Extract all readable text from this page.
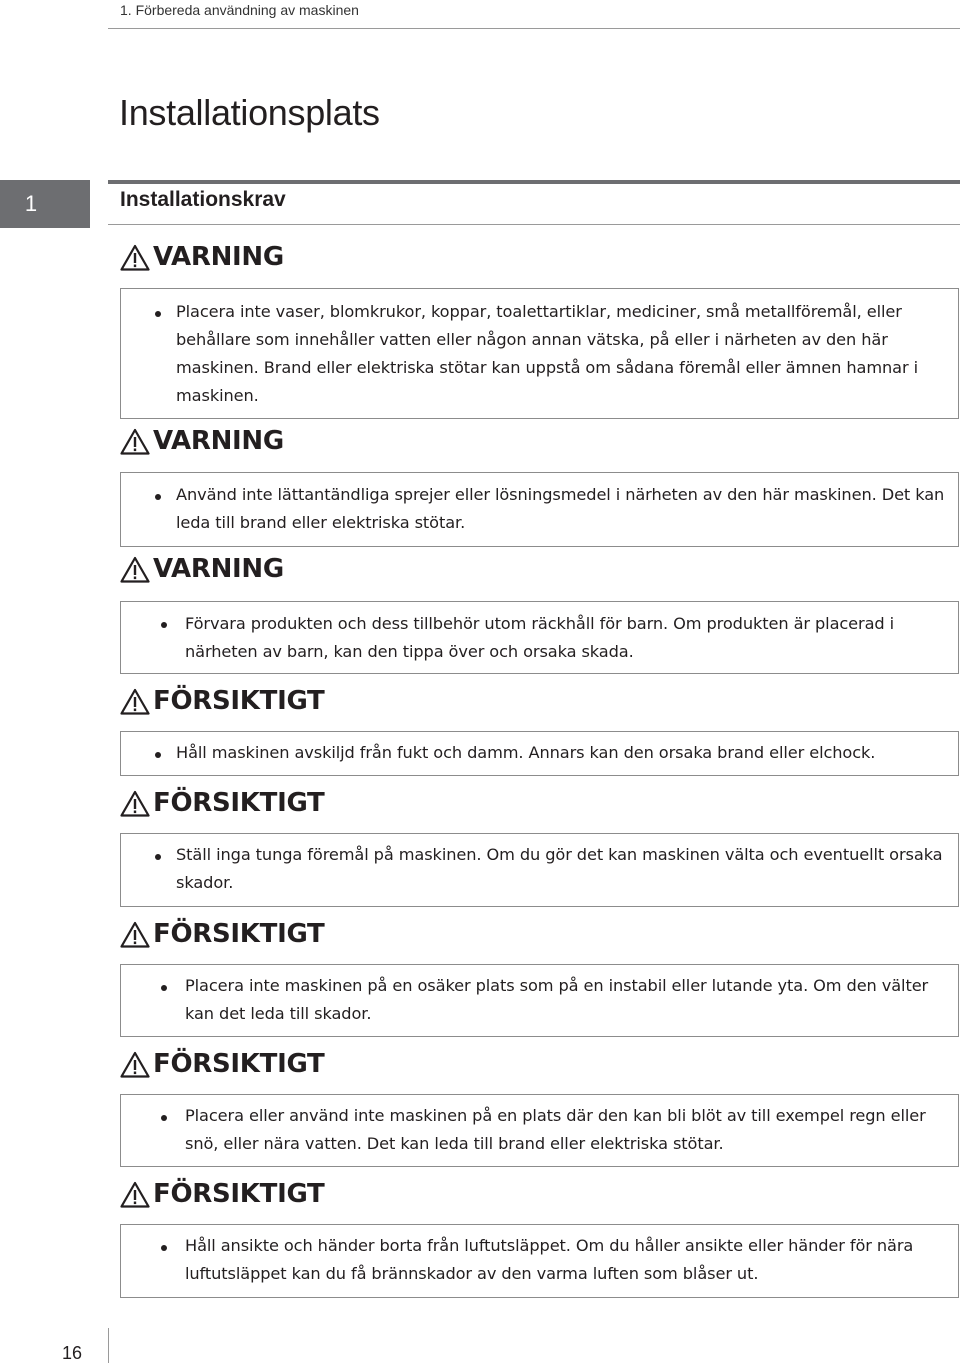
1. Förbereda användning av maskinen
Installationsplats
1	Installationskrav
VARNING
Placera inte vaser, blomkrukor, koppar, toalettartiklar, mediciner, små metallföremål, eller behållare som innehåller vatten eller någon annan vätska, på eller i närheten av den här maskinen. Brand eller elektriska stötar kan uppstå om sådana föremål eller ämnen hamnar i maskinen.
VARNING
Använd inte lättantändliga sprejer eller lösningsmedel i närheten av den här maskinen. Det kan leda till brand eller elektriska stötar.
VARNING
Förvara produkten och dess tillbehör utom räckhåll för barn. Om produkten är placerad i närheten av barn, kan den tippa över och orsaka skada.
FÖRSIKTIGT
Håll maskinen avskiljd från fukt och damm. Annars kan den orsaka brand eller elchock.
FÖRSIKTIGT
Ställ inga tunga föremål på maskinen. Om du gör det kan maskinen välta och eventuellt orsaka skador.
FÖRSIKTIGT
Placera inte maskinen på en osäker plats som på en instabil eller lutande yta. Om den välter kan det leda till skador.
FÖRSIKTIGT
Placera eller använd inte maskinen på en plats där den kan bli blöt av till exempel regn eller snö, eller nära vatten. Det kan leda till brand eller elektriska stötar.
FÖRSIKTIGT
Håll ansikte och händer borta från luftutsläppet. Om du håller ansikte eller händer för nära luftutsläppet kan du få brännskador av den varma luften som blåser ut.
16
